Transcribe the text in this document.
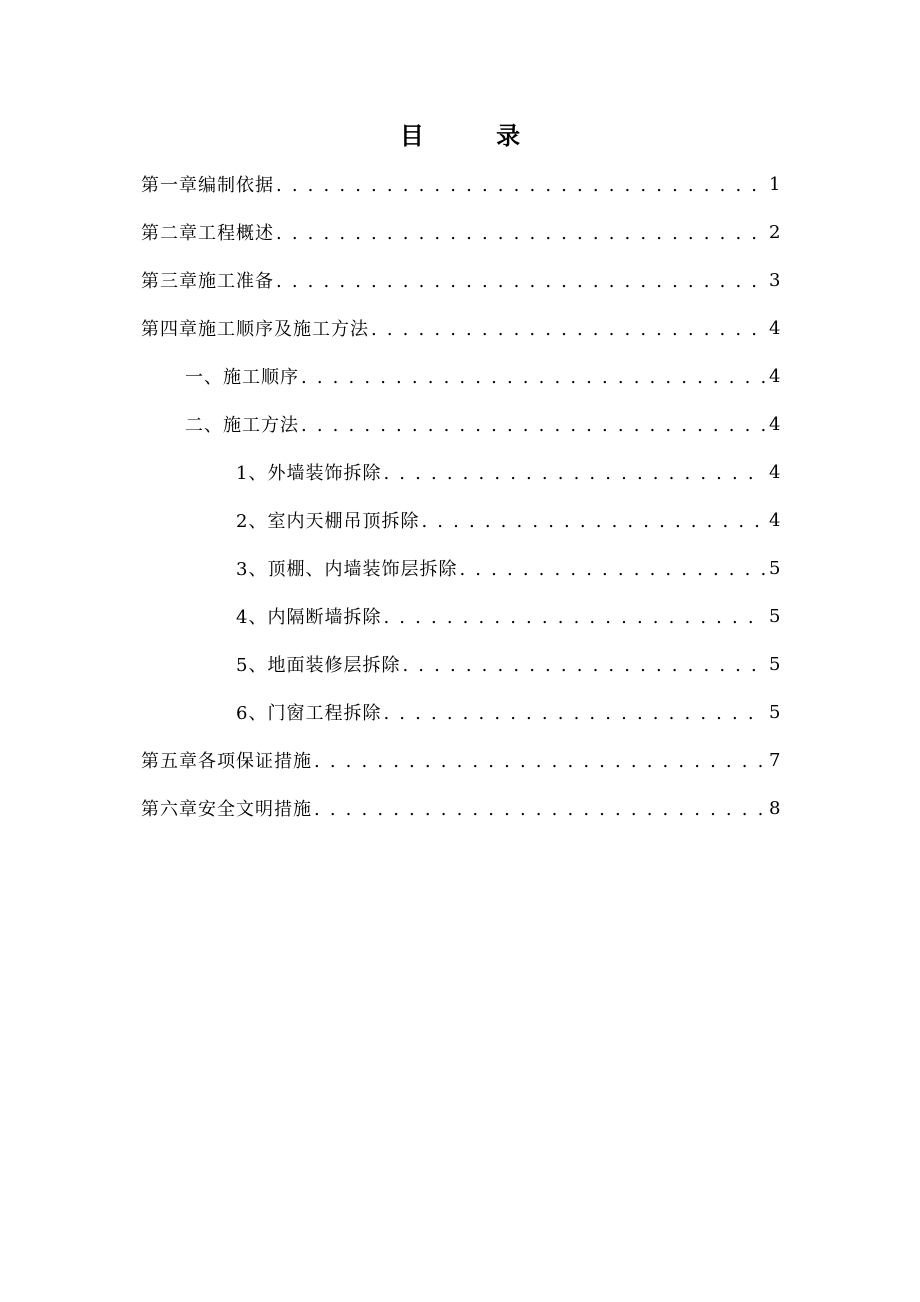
目 录
第一章 编制依据 . . .	1
第二章 工程概述 . . .	2
第三章 施工准备 . . .	3
第四章 施工顺序及施工方法 . . .	4
一、 施工顺序 . . .	4
二、 施工方法 . . .	4
1、 外墙装饰拆除 . . .	4
2、 室内天棚吊顶拆除 . . .	4
3、 顶棚、内墙装饰层拆除 . . .	5
4、 内隔断墙拆除 . . .	5
5、 地面装修层拆除 . . .	5
6、 门窗工程拆除 . . .	5
第五章 各项保证措施 . . .	7
第六章 安全文明措施 . . .	8
